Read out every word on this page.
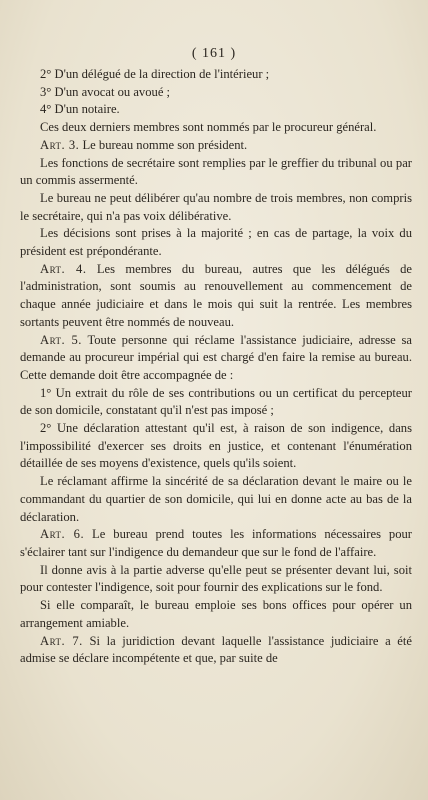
( 161 )

2° D'un délégué de la direction de l'intérieur ;

3° D'un avocat ou avoué ;

4° D'un notaire.

Ces deux derniers membres sont nommés par le procureur général.

Art. 3. Le bureau nomme son président.

Les fonctions de secrétaire sont remplies par le greffier du tribunal ou par un commis assermenté.

Le bureau ne peut délibérer qu'au nombre de trois membres, non compris le secrétaire, qui n'a pas voix délibérative.

Les décisions sont prises à la majorité ; en cas de partage, la voix du président est prépondérante.

Art. 4. Les membres du bureau, autres que les délégués de l'administration, sont soumis au renouvellement au commencement de chaque année judiciaire et dans le mois qui suit la rentrée. Les membres sortants peuvent être nommés de nouveau.

Art. 5. Toute personne qui réclame l'assistance judiciaire, adresse sa demande au procureur impérial qui est chargé d'en faire la remise au bureau. Cette demande doit être accompagnée de :

1° Un extrait du rôle de ses contributions ou un certificat du percepteur de son domicile, constatant qu'il n'est pas imposé ;

2° Une déclaration attestant qu'il est, à raison de son indigence, dans l'impossibilité d'exercer ses droits en justice, et contenant l'énumération détaillée de ses moyens d'existence, quels qu'ils soient.

Le réclamant affirme la sincérité de sa déclaration devant le maire ou le commandant du quartier de son domicile, qui lui en donne acte au bas de la déclaration.

Art. 6. Le bureau prend toutes les informations nécessaires pour s'éclairer tant sur l'indigence du demandeur que sur le fond de l'affaire.

Il donne avis à la partie adverse qu'elle peut se présenter devant lui, soit pour contester l'indigence, soit pour fournir des explications sur le fond.

Si elle comparaît, le bureau emploie ses bons offices pour opérer un arrangement amiable.

Art. 7. Si la juridiction devant laquelle l'assistance judiciaire a été admise se déclare incompétente et que, par suite de
